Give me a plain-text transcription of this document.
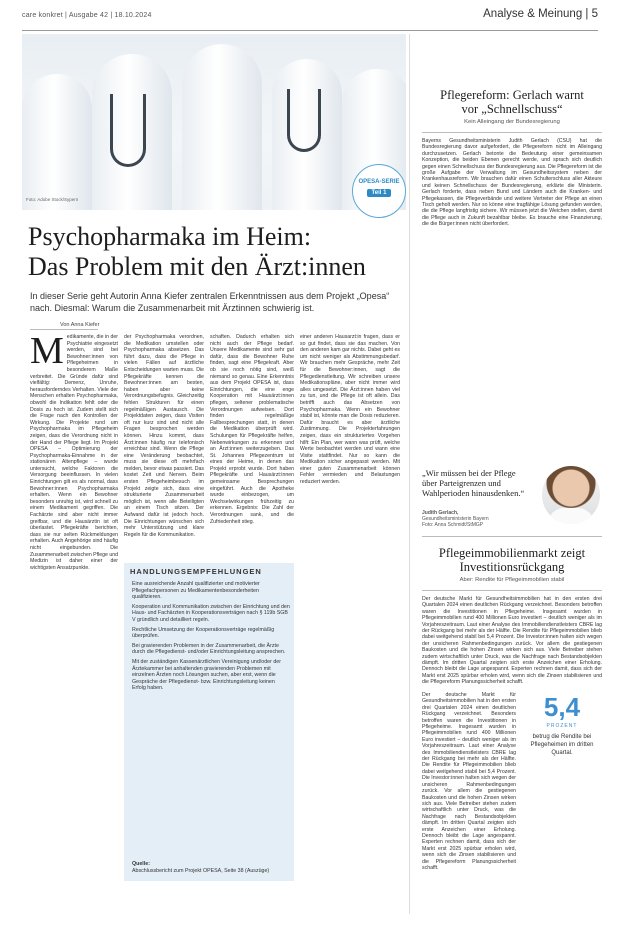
care konkret | Ausgabe 42 | 18.10.2024	Analyse & Meinung | 5
Foto: Adobe Stock/Sypern
OPESA-SERIE
Teil 1
Psychopharmaka im Heim:
Das Problem mit den Ärzt:innen
In dieser Serie geht Autorin Anna Kiefer zentralen Erkenntnissen aus dem Projekt „Opesa“ nach. Diesmal: Warum die Zusammenarbeit mit Ärztinnen schwierig ist.
Von Anna Kiefer
M edikamente, die in der Psychiatrie eingesetzt werden, sind bei Bewohner:innen von Pflegeheimen in besonderem Maße verbreitet. Die Gründe dafür sind vielfältig: Demenz, Unruhe, herausforderndes Verhalten. Viele der Menschen erhalten Psychopharmaka, obwohl die Indikation fehlt oder die Dosis zu hoch ist. Zudem stellt sich die Frage nach den Kontrollen der Wirkung. Die Projekte rund um Psychopharmaka im Pflegeheim zeigen, dass die Verordnung nicht in der Hand der Pflege liegt. Im Projekt OPESA – Optimierung der Psychopharmaka-Einnahme in der stationären Altenpflege – wurde untersucht, welche Faktoren die Versorgung beeinflussen. In vielen Einrichtungen gilt es als normal, dass Bewohner:innen Psychopharmaka erhalten. Wenn ein Bewohner besonders unruhig ist, wird schnell zu einem Medikament gegriffen. Die Fachärzte sind aber nicht immer greifbar, und die Hausärztin ist oft überlastet. Pflegekräfte berichten, dass sie nur selten Rückmeldungen erhalten. Auch Angehörige sind häufig nicht eingebunden. Die Zusammenarbeit zwischen Pflege und Medizin ist daher einer der wichtigsten Ansatzpunkte.
der Psychopharmaka verordnen, die Medikation umstellen oder Psychopharmaka absetzen. Das führt dazu, dass die Pflege in vielen Fällen auf ärztliche Entscheidungen warten muss. Die Pflegekräfte kennen die Bewohner:innen am besten, haben aber keine Verordnungsbefugnis. Gleichzeitig fehlen Strukturen für einen regelmäßigen Austausch. Die Projektdaten zeigen, dass Visiten oft nur kurz sind und nicht alle Fragen besprochen werden können. Hinzu kommt, dass Ärzt:innen häufig nur telefonisch erreichbar sind. Wenn die Pflege eine Veränderung beobachtet, muss sie diese oft mehrfach melden, bevor etwas passiert. Das kostet Zeit und Nerven. Beim ersten Pflegeheimbesuch im Projekt zeigte sich, dass eine strukturierte Zusammenarbeit möglich ist, wenn alle Beteiligten an einem Tisch sitzen. Der Aufwand dafür ist jedoch hoch. Die Einrichtungen wünschen sich mehr Unterstützung und klare Regeln für die Kommunikation.
schaften. Dadurch erhalten sich nicht auch der Pflege bedarf. Unsere Medikamente sind sehr gut dafür, dass die Bewohner Ruhe finden, sagt eine Pflegekraft. Aber ob sie noch nötig sind, weiß niemand so genau. Eine Erkenntnis aus dem Projekt OPESA ist, dass Einrichtungen, die eine enge Kooperation mit Hausärzt:innen pflegen, seltener problematische Verordnungen aufweisen. Dort finden regelmäßige Fallbesprechungen statt, in denen die Medikation überprüft wird. Schulungen für Pflegekräfte helfen, Nebenwirkungen zu erkennen und an Ärzt:innen weiterzugeben. Das St. Johannes Pflegezentrum ist eines der Heime, in denen das Projekt erprobt wurde. Dort haben Pflegekräfte und Hausärzt:innen gemeinsame Besprechungen eingeführt. Auch die Apotheke wurde einbezogen, um Wechselwirkungen frühzeitig zu erkennen. Ergebnis: Die Zahl der Verordnungen sank, und die Zufriedenheit stieg.
einer anderen Hausarzt:in fragen, dass er so gut findet, dass sie das machen. Von den anderen kam gar nichts. Dabei geht es um nicht weniger als Abstimmungsbedarf. Wir brauchen mehr Gespräche, mehr Zeit für die Bewohner:innen, sagt die Pflegedienstleitung. Wir schreiben unsere Medikationspläne, aber nicht immer wird alles umgesetzt. Die Ärzt:innen haben viel zu tun, und die Pflege ist oft allein. Das betrifft auch das Absetzen von Psychopharmaka. Wenn ein Bewohner stabil ist, könnte man die Dosis reduzieren. Dafür braucht es aber ärztliche Zustimmung. Die Projekterfahrungen zeigen, dass ein strukturiertes Vorgehen hilft: Ein Plan, wer wann was prüft, welche Werte beobachtet werden und wann eine Visite stattfindet. Nur so kann die Medikation sicher angepasst werden. Mit einer guten Zusammenarbeit können Fehler vermieden und Belastungen reduziert werden.
HANDLUNGSEMPFEHLUNGEN
Eine ausreichende Anzahl qualifizierter und motivierter Pflegefachpersonen zu Medikamentenbesonderheiten qualifizieren.
Kooperation und Kommunikation zwischen der Einrichtung und den Haus- und Fachärzten in Kooperationsverträgen nach § 119b SGB V gründlich und detailliert regeln.
Rechtliche Umsetzung der Kooperationsverträge regelmäßig überprüfen.
Bei gravierenden Problemen in der Zusammenarbeit, die Ärzte durch die Pflegedienst- und/oder Einrichtungsleitung ansprechen.
Mit der zuständigen Kassenärztlichen Vereinigung und/oder der Ärztekammer bei anhaltenden gravierenden Problemen mit einzelnen Ärzten noch Lösungen suchen, aber erst, wenn die Gespräche der Pflegedienst- bzw. Einrichtungsleitung keinen Erfolg haben.
Quelle:
Abschlussbericht zum Projekt OPESA, Seite 38 (Auszüge)
Pflegereform: Gerlach warnt
vor „Schnellschuss“
Kein Alleingang der Bundesregierung
Bayerns Gesundheitsministerin Judith Gerlach (CSU) hat die Bundesregierung davor aufgefordert, die Pflegereform nicht im Alleingang durchzusetzen. Gerlach betonte die Bedeutung einer gemeinsamen Konzeption, die beiden Ebenen gerecht werde, und sprach sich deutlich gegen einen Schnellschuss der Bundesregierung aus. Die Pflegereform ist die große Aufgabe der Verwaltung im Gesundheitssystem neben der Krankenhausreform. Wir brauchen dafür einen Schulterschluss aller Akteure und keinen Schnellschuss der Bundesregierung, erklärte die Ministerin. Gerlach forderte, dass neben Bund und Ländern auch die Kranken- und Pflegekassen, die Pflegeverbände und weitere Vertreter der Pflege an einen Tisch geholt werden. Nur so könne eine tragfähige Lösung gefunden werden, die die Pflege langfristig sichere. Wir müssen jetzt die Weichen stellen, damit die Pflege auch in Zukunft bezahlbar bleibe. Es brauche eine Finanzierung, die die Bürger:innen nicht überfordert.
„Wir müssen bei der Pflege über Parteigrenzen und Wahlperioden hinausdenken.“
Judith Gerlach,
Gesundheitsministerin Bayern
Foto: Anna Schmidt/StMGP
Pflegeimmobilienmarkt zeigt
Investitionsrückgang
Aber: Rendite für Pflegeimmobilien stabil
Der deutsche Markt für Gesundheitsimmobilien hat in den ersten drei Quartalen 2024 einen deutlichen Rückgang verzeichnet. Besonders betroffen waren die Investitionen in Pflegeheime. Insgesamt wurden in Pflegeimmobilien rund 400 Millionen Euro investiert – deutlich weniger als im Vorjahreszeitraum. Laut einer Analyse des Immobiliendienstleisters CBRE lag der Rückgang bei mehr als der Hälfte. Die Rendite für Pflegeimmobilien blieb dabei weitgehend stabil bei 5,4 Prozent. Die Investor:innen halten sich wegen der unsicheren Rahmenbedingungen zurück. Vor allem die gestiegenen Baukosten und die hohen Zinsen wirken sich aus. Viele Betreiber stehen zudem wirtschaftlich unter Druck, was die Nachfrage nach Bestandsobjekten dämpft. Im dritten Quartal zeigten sich erste Anzeichen einer Erholung. Dennoch bleibt die Lage angespannt. Experten rechnen damit, dass sich der Markt erst 2025 spürbar erholen wird, wenn sich die Zinsen stabilisieren und die Pflegereform Planungssicherheit schafft.
Der deutsche Markt für Gesundheitsimmobilien hat in den ersten drei Quartalen 2024 einen deutlichen Rückgang verzeichnet. Besonders betroffen waren die Investitionen in Pflegeheime. Insgesamt wurden in Pflegeimmobilien rund 400 Millionen Euro investiert – deutlich weniger als im Vorjahreszeitraum. Laut einer Analyse des Immobiliendienstleisters CBRE lag der Rückgang bei mehr als der Hälfte. Die Rendite für Pflegeimmobilien blieb dabei weitgehend stabil bei 5,4 Prozent. Die Investor:innen halten sich wegen der unsicheren Rahmenbedingungen zurück. Vor allem die gestiegenen Baukosten und die hohen Zinsen wirken sich aus. Viele Betreiber stehen zudem wirtschaftlich unter Druck, was die Nachfrage nach Bestandsobjekten dämpft. Im dritten Quartal zeigten sich erste Anzeichen einer Erholung. Dennoch bleibt die Lage angespannt. Experten rechnen damit, dass sich der Markt erst 2025 spürbar erholen wird, wenn sich die Zinsen stabilisieren und die Pflegereform Planungssicherheit schafft.
5,4
PROZENT
betrug die Rendite bei Pflegeheimen im dritten Quartal.
